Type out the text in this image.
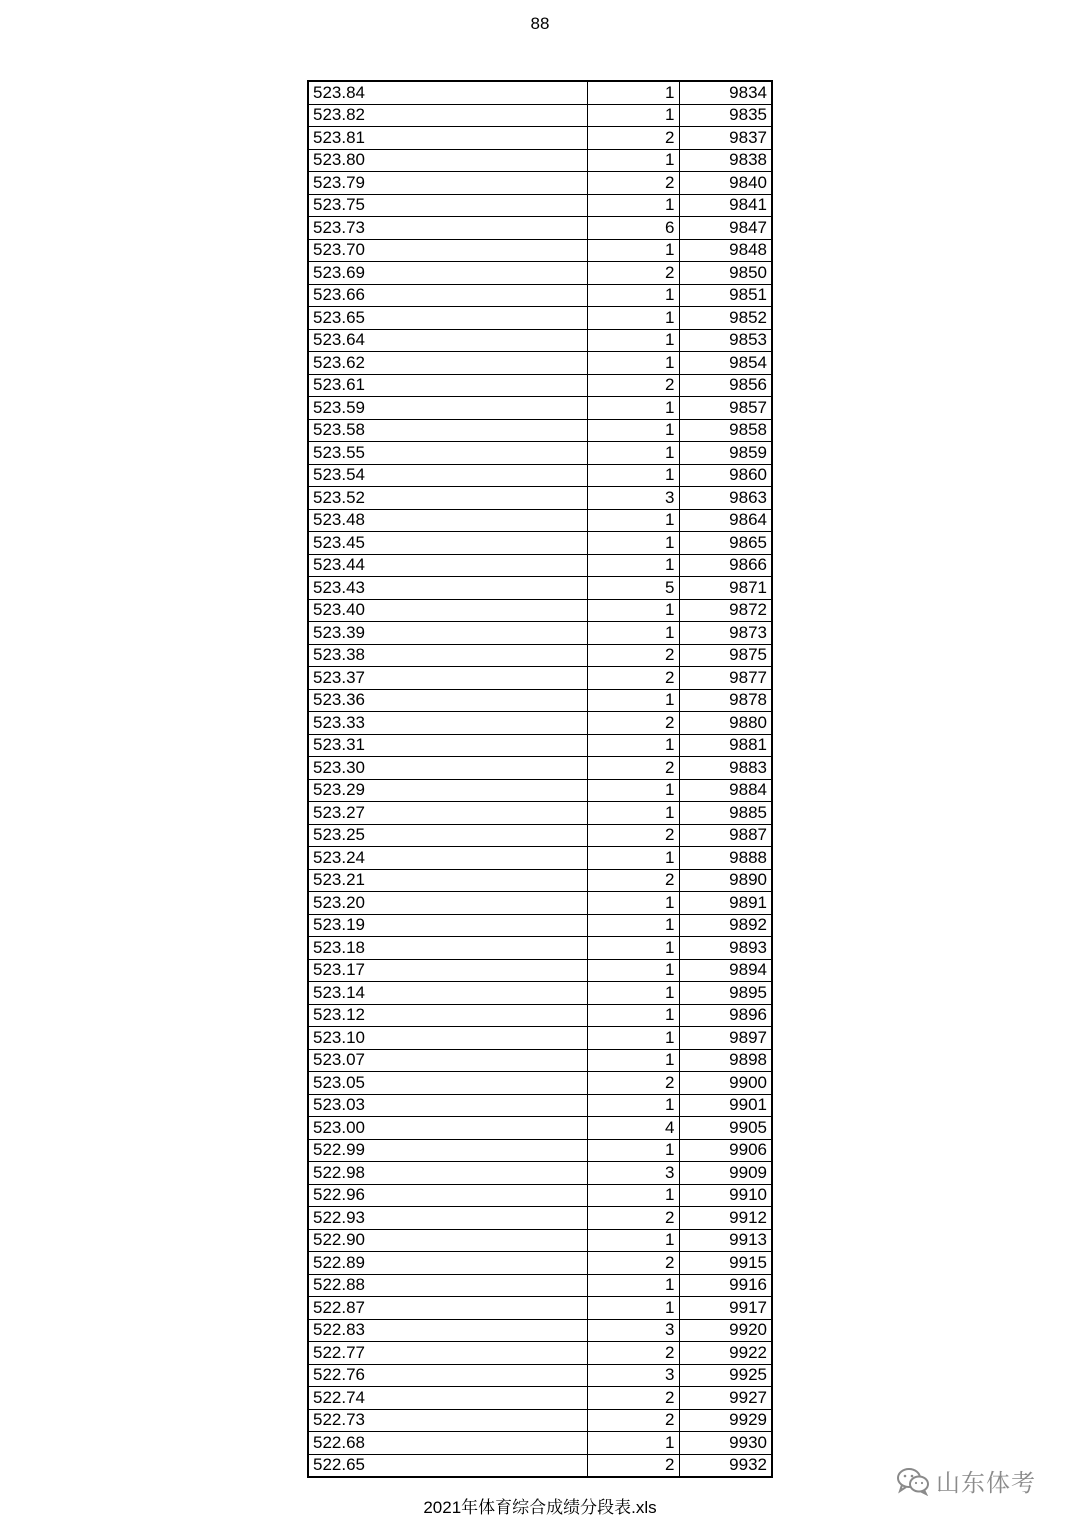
88
523.84	1	9834
523.82	1	9835
523.81	2	9837
523.80	1	9838
523.79	2	9840
523.75	1	9841
523.73	6	9847
523.70	1	9848
523.69	2	9850
523.66	1	9851
523.65	1	9852
523.64	1	9853
523.62	1	9854
523.61	2	9856
523.59	1	9857
523.58	1	9858
523.55	1	9859
523.54	1	9860
523.52	3	9863
523.48	1	9864
523.45	1	9865
523.44	1	9866
523.43	5	9871
523.40	1	9872
523.39	1	9873
523.38	2	9875
523.37	2	9877
523.36	1	9878
523.33	2	9880
523.31	1	9881
523.30	2	9883
523.29	1	9884
523.27	1	9885
523.25	2	9887
523.24	1	9888
523.21	2	9890
523.20	1	9891
523.19	1	9892
523.18	1	9893
523.17	1	9894
523.14	1	9895
523.12	1	9896
523.10	1	9897
523.07	1	9898
523.05	2	9900
523.03	1	9901
523.00	4	9905
522.99	1	9906
522.98	3	9909
522.96	1	9910
522.93	2	9912
522.90	1	9913
522.89	2	9915
522.88	1	9916
522.87	1	9917
522.83	3	9920
522.77	2	9922
522.76	3	9925
522.74	2	9927
522.73	2	9929
522.68	1	9930
522.65	2	9932
2021年体育综合成绩分段表.xls
山东体考
